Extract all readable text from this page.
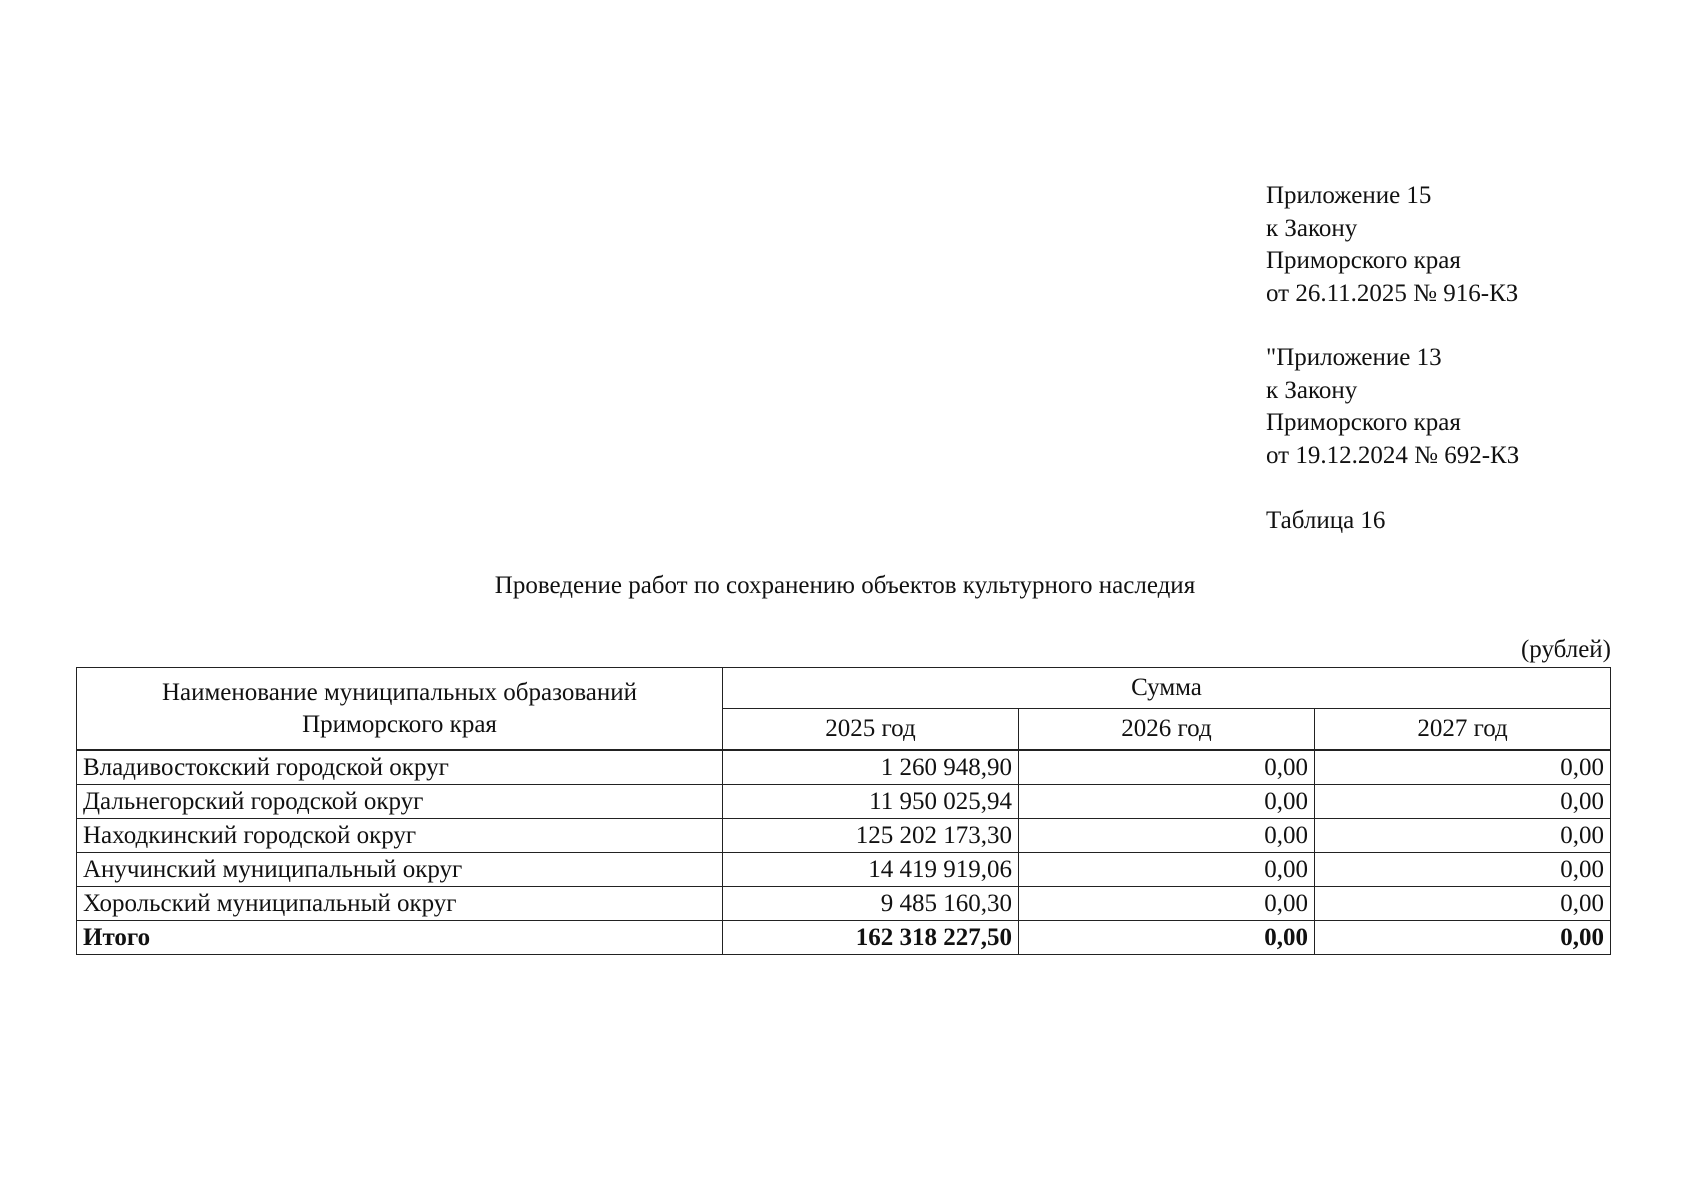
Приложение 15
к Закону
Приморского края
от 26.11.2025 № 916-КЗ
"Приложение 13
к Закону
Приморского края
от 19.12.2024 № 692-КЗ
Таблица 16
Проведение работ по сохранению объектов культурного наследия
(рублей)
Наименование муниципальных образований
Приморского края	Сумма		
	2025 год	2026 год	2027 год
Владивостокский городской округ	1 260 948,90	0,00	0,00
Дальнегорский городской округ	11 950 025,94	0,00	0,00
Находкинский городской округ	125 202 173,30	0,00	0,00
Анучинский муниципальный округ	14 419 919,06	0,00	0,00
Хорольский муниципальный округ	9 485 160,30	0,00	0,00
Итого	162 318 227,50	0,00	0,00
